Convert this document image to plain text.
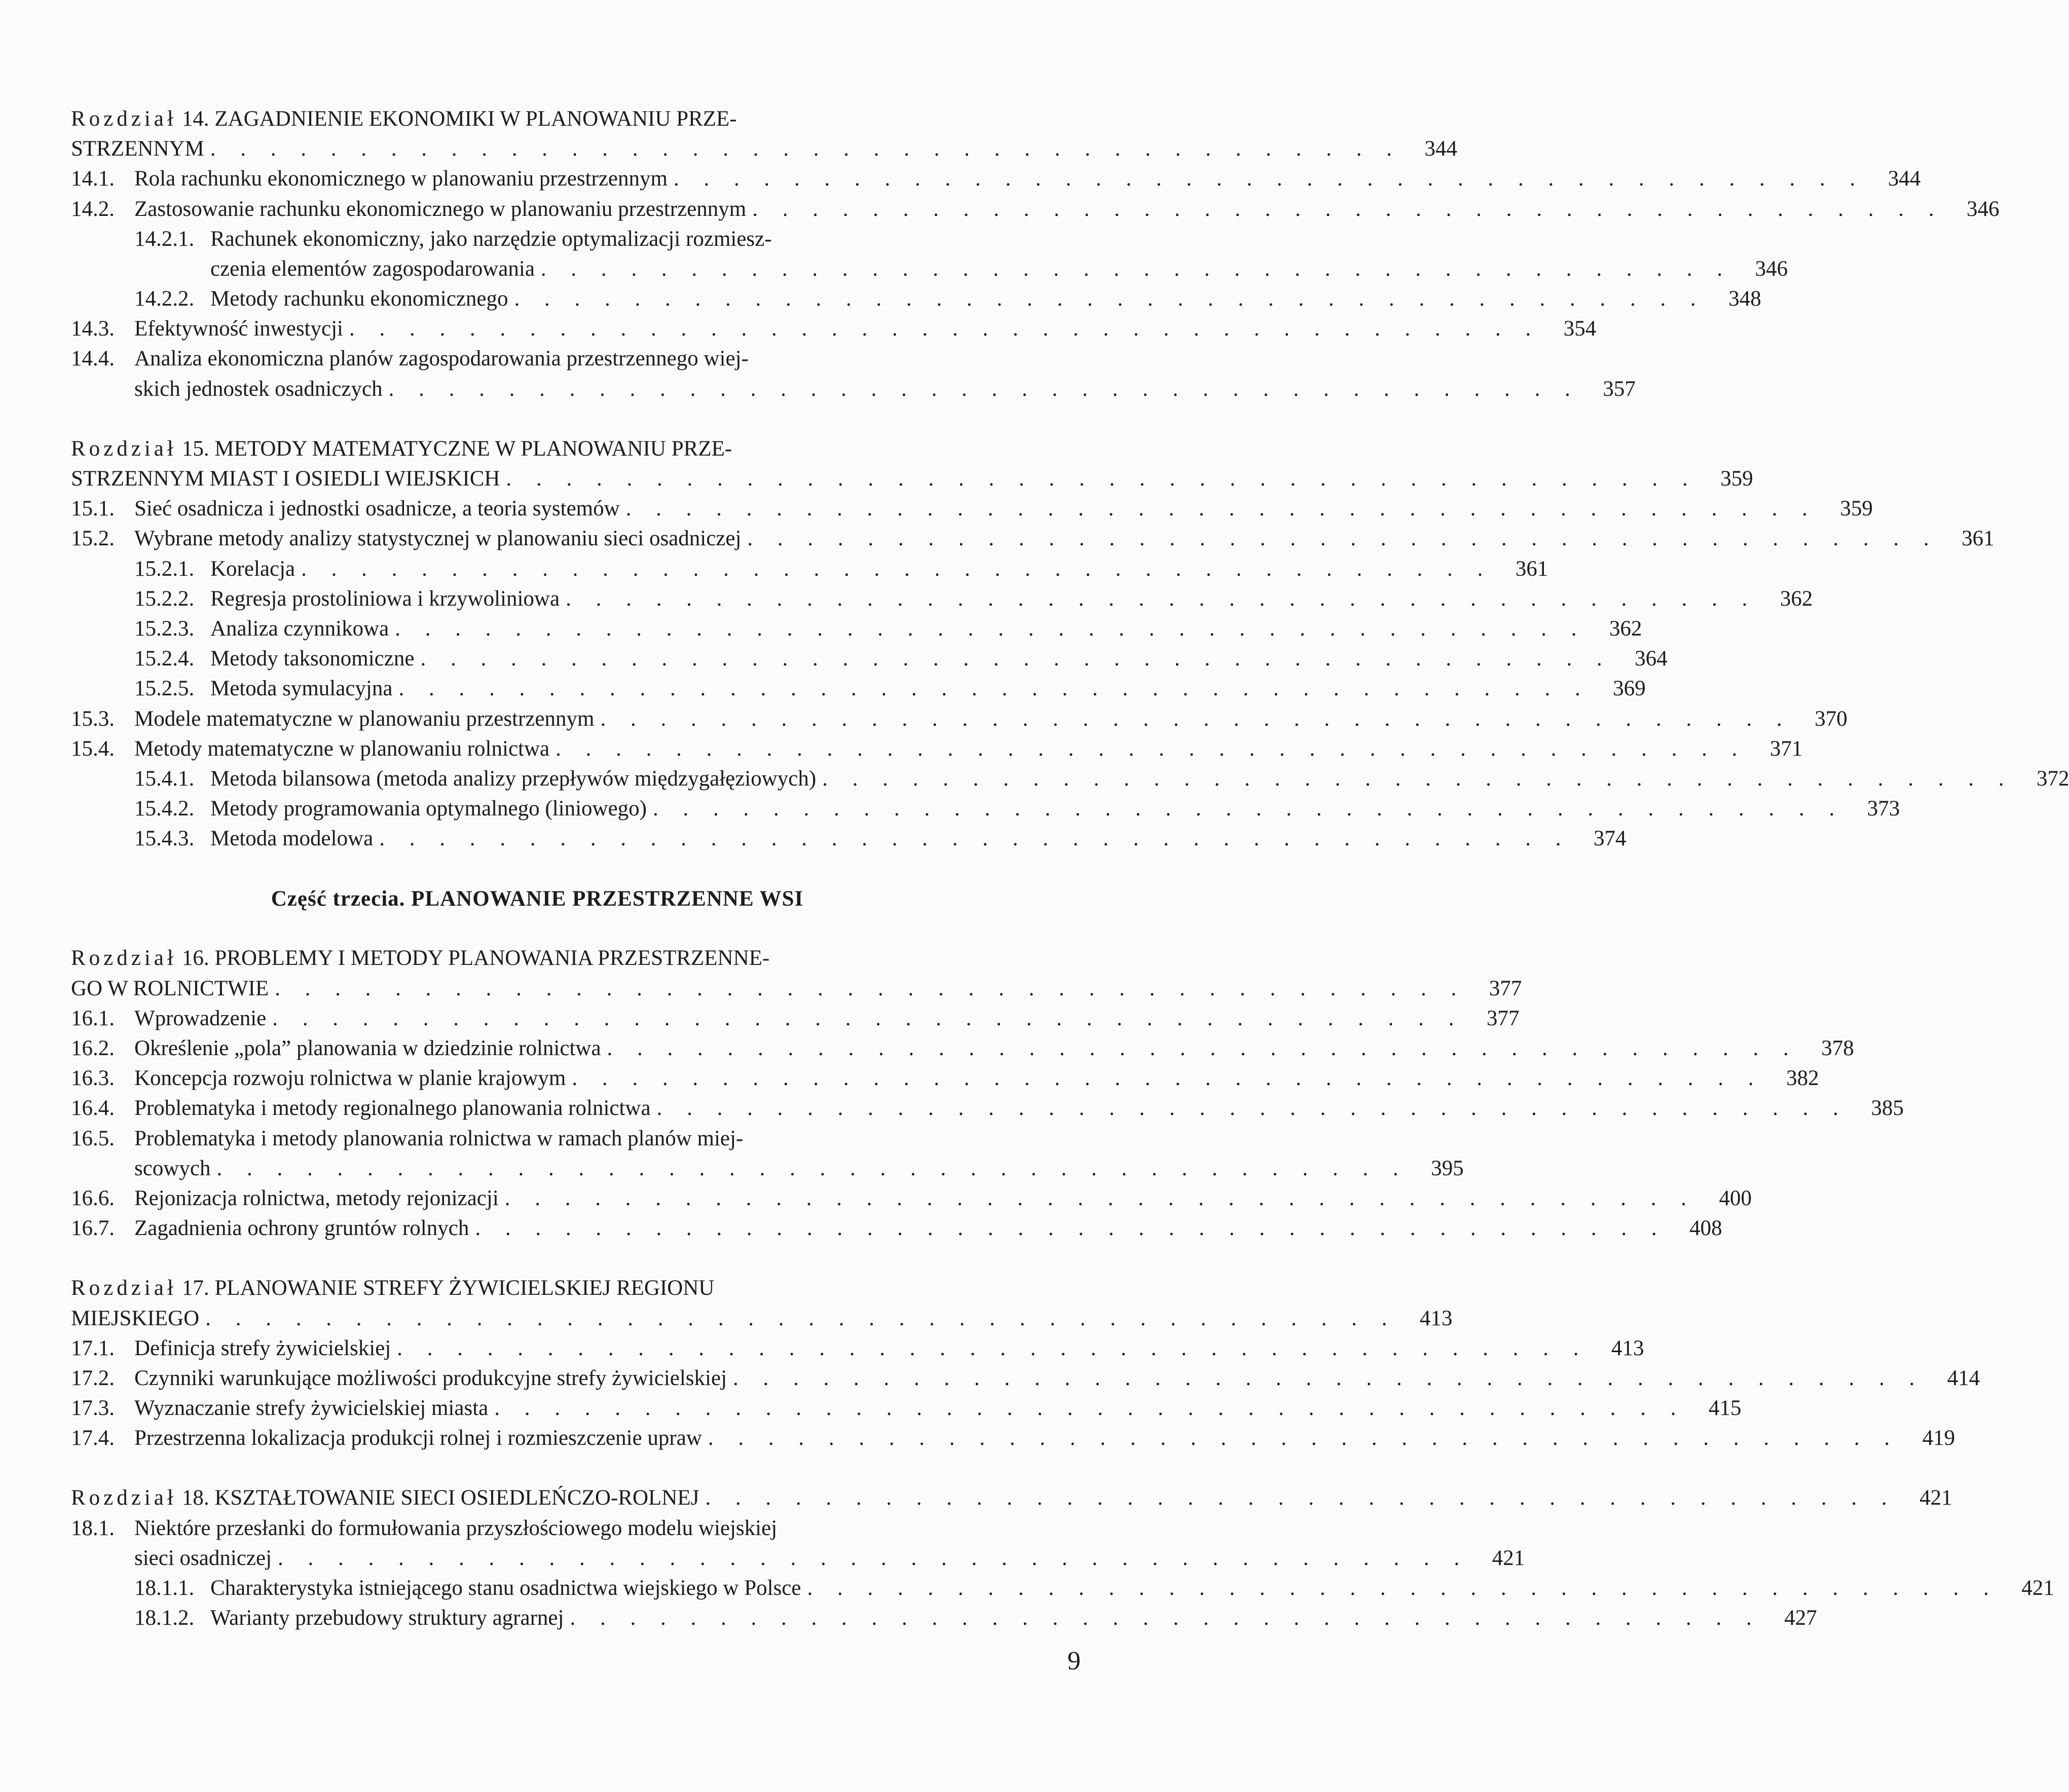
Rozdział 14. ZAGADNIENIE EKONOMIKI W PLANOWANIU PRZE-
STRZENNYM . . . . . . . . . . . . . . . . . . . . . . . . . . . . . . . . . . . . . . . .	344
14.1. Rola rachunku ekonomicznego w planowaniu przestrzennym . . . . . . . . . . . . . . . . . . . . . . . . . . . . . . . . . . . . . . . .	344
14.2. Zastosowanie rachunku ekonomicznego w planowaniu przestrzennym . . . . . . . . . . . . . . . . . . . . . . . . . . . . . . . . . . . . . . . .	346
14.2.1. Rachunek ekonomiczny, jako narzędzie optymalizacji rozmiesz-
czenia elementów zagospodarowania . . . . . . . . . . . . . . . . . . . . . . . . . . . . . . . . . . . . . . . .	346
14.2.2. Metody rachunku ekonomicznego . . . . . . . . . . . . . . . . . . . . . . . . . . . . . . . . . . . . . . . .	348
14.3. Efektywność inwestycji . . . . . . . . . . . . . . . . . . . . . . . . . . . . . . . . . . . . . . . .	354
14.4. Analiza ekonomiczna planów zagospodarowania przestrzennego wiej-
skich jednostek osadniczych . . . . . . . . . . . . . . . . . . . . . . . . . . . . . . . . . . . . . . . .	357
Rozdział 15. METODY MATEMATYCZNE W PLANOWANIU PRZE-
STRZENNYM MIAST I OSIEDLI WIEJSKICH . . . . . . . . . . . . . . . . . . . . . . . . . . . . . . . . . . . . . . . .	359
15.1. Sieć osadnicza i jednostki osadnicze, a teoria systemów . . . . . . . . . . . . . . . . . . . . . . . . . . . . . . . . . . . . . . . .	359
15.2. Wybrane metody analizy statystycznej w planowaniu sieci osadniczej . . . . . . . . . . . . . . . . . . . . . . . . . . . . . . . . . . . . . . . .	361
15.2.1. Korelacja . . . . . . . . . . . . . . . . . . . . . . . . . . . . . . . . . . . . . . . .	361
15.2.2. Regresja prostoliniowa i krzywoliniowa . . . . . . . . . . . . . . . . . . . . . . . . . . . . . . . . . . . . . . . .	362
15.2.3. Analiza czynnikowa . . . . . . . . . . . . . . . . . . . . . . . . . . . . . . . . . . . . . . . .	362
15.2.4. Metody taksonomiczne . . . . . . . . . . . . . . . . . . . . . . . . . . . . . . . . . . . . . . . .	364
15.2.5. Metoda symulacyjna . . . . . . . . . . . . . . . . . . . . . . . . . . . . . . . . . . . . . . . .	369
15.3. Modele matematyczne w planowaniu przestrzennym . . . . . . . . . . . . . . . . . . . . . . . . . . . . . . . . . . . . . . . .	370
15.4. Metody matematyczne w planowaniu rolnictwa . . . . . . . . . . . . . . . . . . . . . . . . . . . . . . . . . . . . . . . .	371
15.4.1. Metoda bilansowa (metoda analizy przepływów międzygałęziowych) . . . . . . . . . . . . . . . . . . . . . . . . . . . . . . . . . . . . . . . .	372
15.4.2. Metody programowania optymalnego (liniowego) . . . . . . . . . . . . . . . . . . . . . . . . . . . . . . . . . . . . . . . .	373
15.4.3. Metoda modelowa . . . . . . . . . . . . . . . . . . . . . . . . . . . . . . . . . . . . . . . .	374
Część trzecia. PLANOWANIE PRZESTRZENNE WSI
Rozdział 16. PROBLEMY I METODY PLANOWANIA PRZESTRZENNE-
GO W ROLNICTWIE . . . . . . . . . . . . . . . . . . . . . . . . . . . . . . . . . . . . . . . .	377
16.1. Wprowadzenie . . . . . . . . . . . . . . . . . . . . . . . . . . . . . . . . . . . . . . . .	377
16.2. Określenie „pola” planowania w dziedzinie rolnictwa . . . . . . . . . . . . . . . . . . . . . . . . . . . . . . . . . . . . . . . .	378
16.3. Koncepcja rozwoju rolnictwa w planie krajowym . . . . . . . . . . . . . . . . . . . . . . . . . . . . . . . . . . . . . . . .	382
16.4. Problematyka i metody regionalnego planowania rolnictwa . . . . . . . . . . . . . . . . . . . . . . . . . . . . . . . . . . . . . . . .	385
16.5. Problematyka i metody planowania rolnictwa w ramach planów miej-
scowych . . . . . . . . . . . . . . . . . . . . . . . . . . . . . . . . . . . . . . . .	395
16.6. Rejonizacja rolnictwa, metody rejonizacji . . . . . . . . . . . . . . . . . . . . . . . . . . . . . . . . . . . . . . . .	400
16.7. Zagadnienia ochrony gruntów rolnych . . . . . . . . . . . . . . . . . . . . . . . . . . . . . . . . . . . . . . . .	408
Rozdział 17. PLANOWANIE STREFY ŻYWICIELSKIEJ REGIONU
MIEJSKIEGO . . . . . . . . . . . . . . . . . . . . . . . . . . . . . . . . . . . . . . . .	413
17.1. Definicja strefy żywicielskiej . . . . . . . . . . . . . . . . . . . . . . . . . . . . . . . . . . . . . . . .	413
17.2. Czynniki warunkujące możliwości produkcyjne strefy żywicielskiej . . . . . . . . . . . . . . . . . . . . . . . . . . . . . . . . . . . . . . . .	414
17.3. Wyznaczanie strefy żywicielskiej miasta . . . . . . . . . . . . . . . . . . . . . . . . . . . . . . . . . . . . . . . .	415
17.4. Przestrzenna lokalizacja produkcji rolnej i rozmieszczenie upraw . . . . . . . . . . . . . . . . . . . . . . . . . . . . . . . . . . . . . . . .	419
Rozdział 18. KSZTAŁTOWANIE SIECI OSIEDLEŃCZO-ROLNEJ . . . . . . . . . . . . . . . . . . . . . . . . . . . . . . . . . . . . . . . .	421
18.1. Niektóre przesłanki do formułowania przyszłościowego modelu wiejskiej
sieci osadniczej . . . . . . . . . . . . . . . . . . . . . . . . . . . . . . . . . . . . . . . .	421
18.1.1. Charakterystyka istniejącego stanu osadnictwa wiejskiego w Polsce . . . . . . . . . . . . . . . . . . . . . . . . . . . . . . . . . . . . . . . .	421
18.1.2. Warianty przebudowy struktury agrarnej . . . . . . . . . . . . . . . . . . . . . . . . . . . . . . . . . . . . . . . .	427
9
